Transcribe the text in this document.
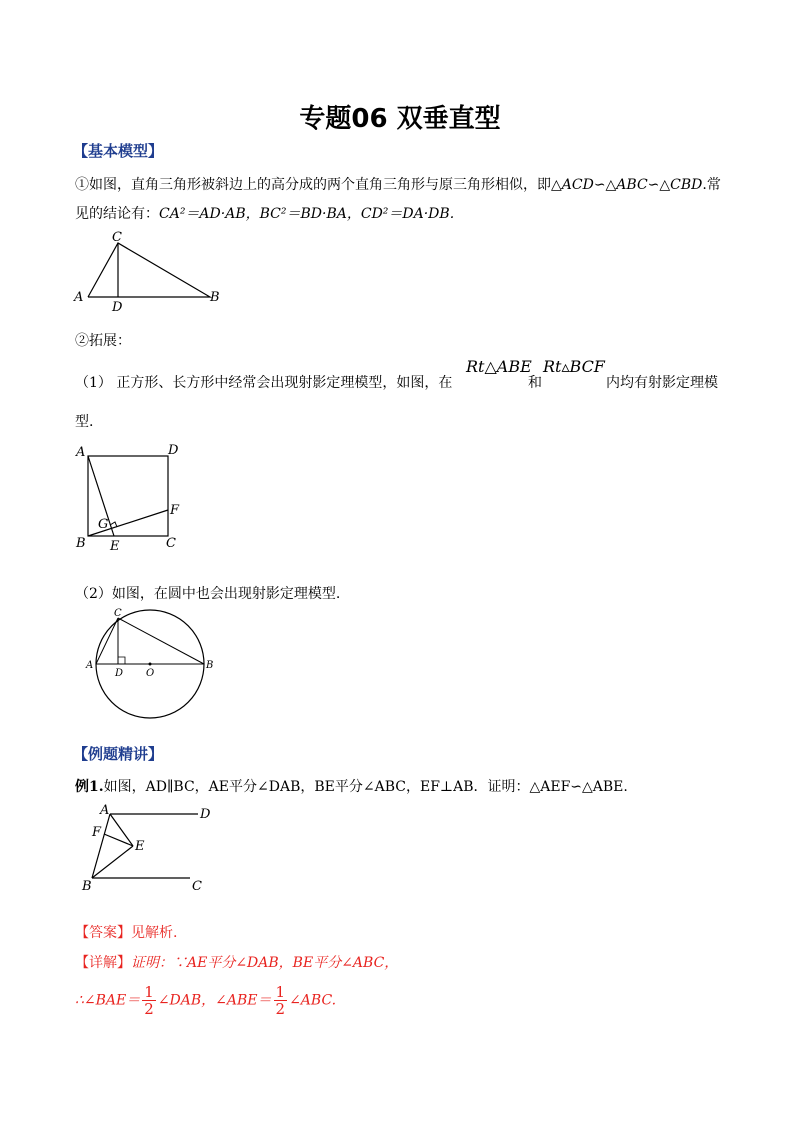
专题06 双垂直型
【基本模型】
①如图，直角三角形被斜边上的高分成的两个直角三角形与原三角形相似，即△ACD∽△ABC∽△CBD.常
见的结论有：CA²＝AD·AB，BC²＝BD·BA，CD²＝DA·DB.
C
A
D
B
②拓展：
（1） 正方形、长方形中经常会出现射影定理模型，如图，在
Rt△ABE
和
Rt▵BCF
内均有射影定理模
型.
A	D
F
G
B E	C
（2）如图，在圆中也会出现射影定理模型.
C
A	B
D O
【例题精讲】
例1.如图，AD∥BC，AE平分∠DAB，BE平分∠ABC，EF⊥AB．证明：△AEF∽△ABE.
A	D
F
E
B	C
【答案】见解析.
【详解】证明：∵AE平分∠DAB，BE平分∠ABC，
∴∠BAE＝ $\frac{1}{2}$ ∠DAB，∠ABE＝ $\frac{1}{2}$ ∠ABC.
